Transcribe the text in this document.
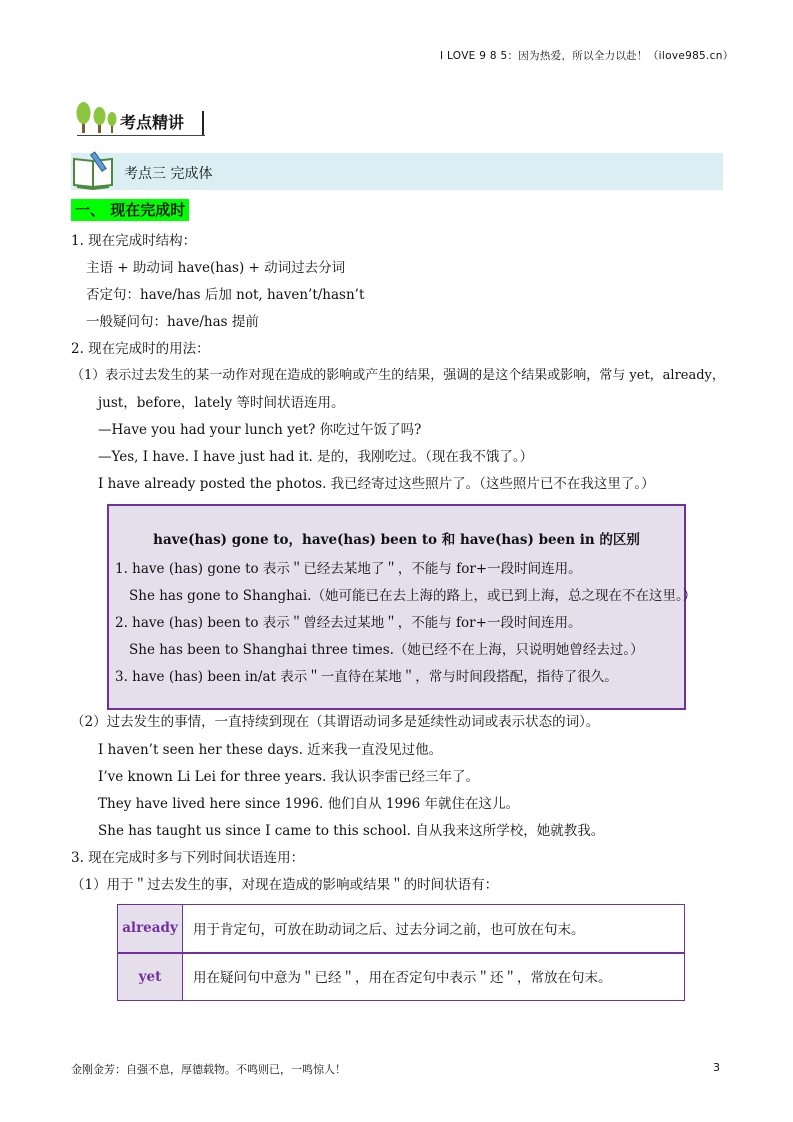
I LOVE 9 8 5：因为热爱，所以全力以赴！（ilove985.cn）
考点精讲
考点三 完成体
一、 现在完成时
1. 现在完成时结构：
主语 + 助动词 have(has) + 动词过去分词
否定句：have/has 后加 not, haven’t/hasn’t
一般疑问句：have/has 提前
2. 现在完成时的用法：
（1）表示过去发生的某一动作对现在造成的影响或产生的结果，强调的是这个结果或影响，常与 yet，already，
just，before，lately 等时间状语连用。
—Have you had your lunch yet? 你吃过午饭了吗?
—Yes, I have. I have just had it. 是的，我刚吃过。（现在我不饿了。）
I have already posted the photos. 我已经寄过这些照片了。（这些照片已不在我这里了。）
have(has) gone to，have(has) been to 和 have(has) been in 的区别
1. have (has) gone to 表示＂已经去某地了＂，不能与 for+一段时间连用。
She has gone to Shanghai.（她可能已在去上海的路上，或已到上海，总之现在不在这里。）
2. have (has) been to 表示＂曾经去过某地＂，不能与 for+一段时间连用。
She has been to Shanghai three times.（她已经不在上海，只说明她曾经去过。）
3. have (has) been in/at 表示＂一直待在某地＂，常与时间段搭配，指待了很久。
（2）过去发生的事情，一直持续到现在（其谓语动词多是延续性动词或表示状态的词）。
I haven’t seen her these days. 近来我一直没见过他。
I’ve known Li Lei for three years. 我认识李雷已经三年了。
They have lived here since 1996. 他们自从 1996 年就住在这儿。
She has taught us since I came to this school. 自从我来这所学校，她就教我。
3. 现在完成时多与下列时间状语连用：
（1）用于＂过去发生的事，对现在造成的影响或结果＂的时间状语有：
already	用于肯定句，可放在助动词之后、过去分词之前，也可放在句末。
yet	用在疑问句中意为＂已经＂，用在否定句中表示＂还＂，常放在句末。
金刚金芳：自强不息，厚德载物。不鸣则已，一鸣惊人！	3
